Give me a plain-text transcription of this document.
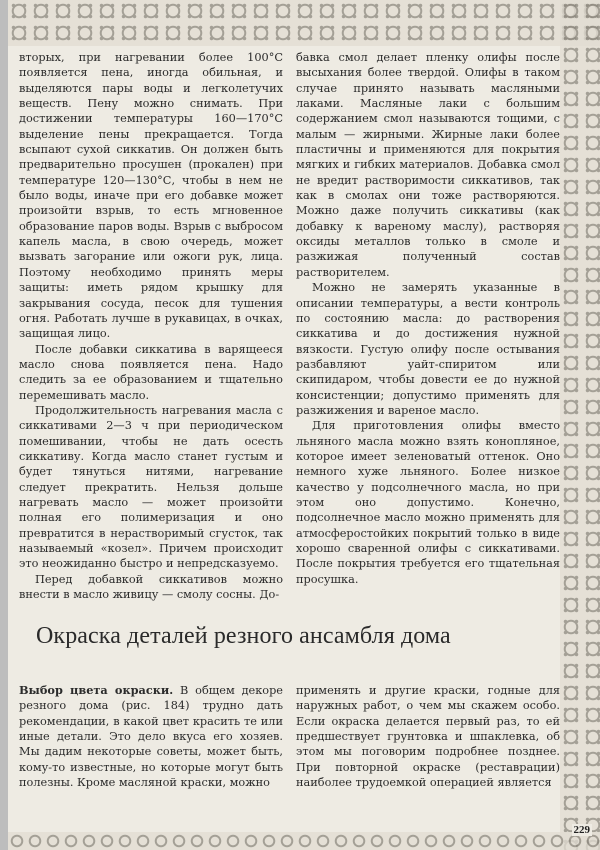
вторых, при нагревании более 100°С появляется пена, иногда обильная, и выделяются пары воды и легколетучих веществ. Пену можно снимать. При достижении температуры 160—170°С выделение пены прекращается. Тогда всыпают сухой сиккатив. Он должен быть предварительно просушен (прокален) при температуре 120—130°С, чтобы в нем не было воды, иначе при его добавке может произойти взрыв, то есть мгновенное образование паров воды. Взрыв с выбросом капель масла, в свою очередь, может вызвать загорание или ожоги рук, лица. Поэтому необходимо принять меры защиты: иметь рядом крышку для закрывания сосуда, песок для тушения огня. Работать лучше в рукавицах, в очках, защищая лицо.

После добавки сиккатива в варящееся масло снова появляется пена. Надо следить за ее образованием и тщательно перемешивать масло.

Продолжительность нагревания масла с сиккативами 2—3 ч при периодическом помешивании, чтобы не дать осесть сиккативу. Когда масло станет густым и будет тянуться нитями, нагревание следует прекратить. Нельзя дольше нагревать масло — может произойти полная его полимеризация и оно превратится в нерастворимый сгусток, так называемый «козел». Причем происходит это неожиданно быстро и непредсказуемо.

Перед добавкой сиккативов можно внести в масло живицу — смолу сосны. До-

бавка смол делает пленку олифы после высыхания более твердой. Олифы в таком случае принято называть масляными лаками. Масляные лаки с большим содержанием смол называются тощими, с малым — жирными. Жирные лаки более пластичны и применяются для покрытия мягких и гибких материалов. Добавка смол не вредит растворимости сиккативов, так как в смолах они тоже растворяются. Можно даже получить сиккативы (как добавку к вареному маслу), растворяя оксиды металлов только в смоле и разжижая полученный состав растворителем.

Можно не замерять указанные в описании температуры, а вести контроль по состоянию масла: до растворения сиккатива и до достижения нужной вязкости. Густую олифу после остывания разбавляют уайт-спиритом или скипидаром, чтобы довести ее до нужной консистенции; допустимо применять для разжижения и вареное масло.

Для приготовления олифы вместо льняного масла можно взять конопляное, которое имеет зеленоватый оттенок. Оно немного хуже льняного. Более низкое качество у подсолнечного масла, но при этом оно допустимо. Конечно, подсолнечное масло можно применять для атмосферостойких покрытий только в виде хорошо сваренной олифы с сиккативами. После покрытия требуется его тщательная просушка.

Окраска деталей резного ансамбля дома

Выбор цвета окраски. В общем декоре резного дома (рис. 184) трудно дать рекомендации, в какой цвет красить те или иные детали. Это дело вкуса его хозяев. Мы дадим некоторые советы, может быть, кому-то известные, но которые могут быть полезны. Кроме масляной краски, можно

применять и другие краски, годные для наружных работ, о чем мы скажем особо. Если окраска делается первый раз, то ей предшествует грунтовка и шпаклевка, об этом мы поговорим подробнее позднее. При повторной окраске (реставрации) наиболее трудоемкой операцией является

229
